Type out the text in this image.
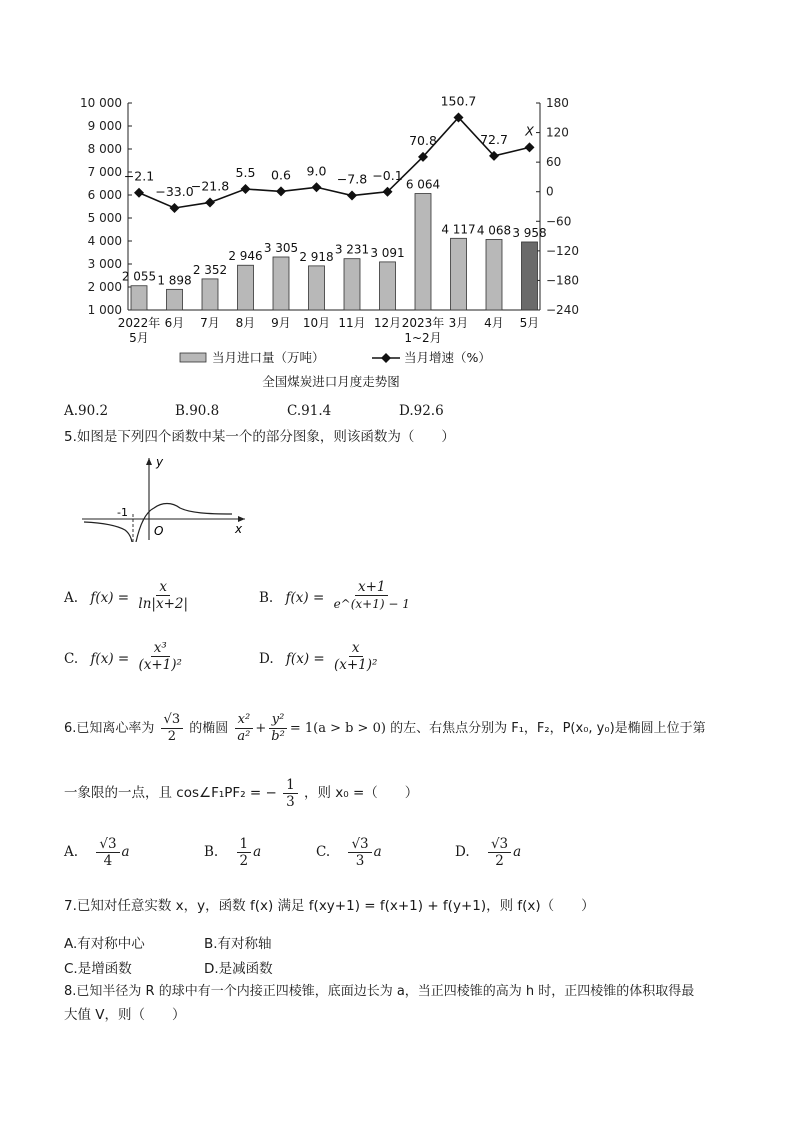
1 000
2 000
3 000
4 000
5 000
6 000
7 000
8 000
9 000
10 000	180
120
60
0
−60
−120
−180
−240
2 055 1 898
2 352
2 946
3 305
2 918
3 231 3 091
6 064
4 117 4 068 3 958
−2.1
−33.0
−21.8
5.5 0.6 9.0
−7.8 −0.1
70.8
150.7
72.7
X
2022年
5月
6月 7月 8月 9月 10月 11月 12月 2023年
1~2月
3月 4月 5月
全国煤炭进口月度走势图
当月进口量（万吨）	当月增速（%）
A.90.2	B.90.8	C.91.4	D.92.6
5.如图是下列四个函数中某一个的部分图象，则该函数为（　　）
y
x
O
-1
A. $f(x) = \frac{x}{\ln|x+2|}$	B. $f(x) = \frac{x+1}{e\^{}(x+1) - 1}$
C. $f(x) = \frac{\text{x³}}{\text{(x+1)²}}$	D. $f(x) = \frac{x}{\text{(x+1)²}}$
6.已知离心率为 $\frac{√3}{2}$ 的椭圆 $\frac{\text{x²}}{\text{a²}} + \frac{\text{y²}}{\text{b²}} = 1(a > b > 0)$ 的左、右焦点分别为 F₁，F₂，P(x₀, y₀)是椭圆上位于第
一象限的一点，且 cos∠F₁PF₂ = − $\frac{1}{3}$ ，则 x₀ =（　　）
A. $\frac{√3}{4}$ a	B. $\frac{1}{2}$ a	C. $\frac{√3}{3}$ a	D. $\frac{√3}{2}$ a
7.已知对任意实数 x，y，函数 f(x) 满足 f(xy+1) = f(x+1) + f(y+1)，则 f(x)（　　）
A.有对称中心	B.有对称轴
C.是增函数	D.是减函数
8.已知半径为 R 的球中有一个内接正四棱锥，底面边长为 a，当正四棱锥的高为 h 时，正四棱锥的体积取得最
大值 V，则（　　）
